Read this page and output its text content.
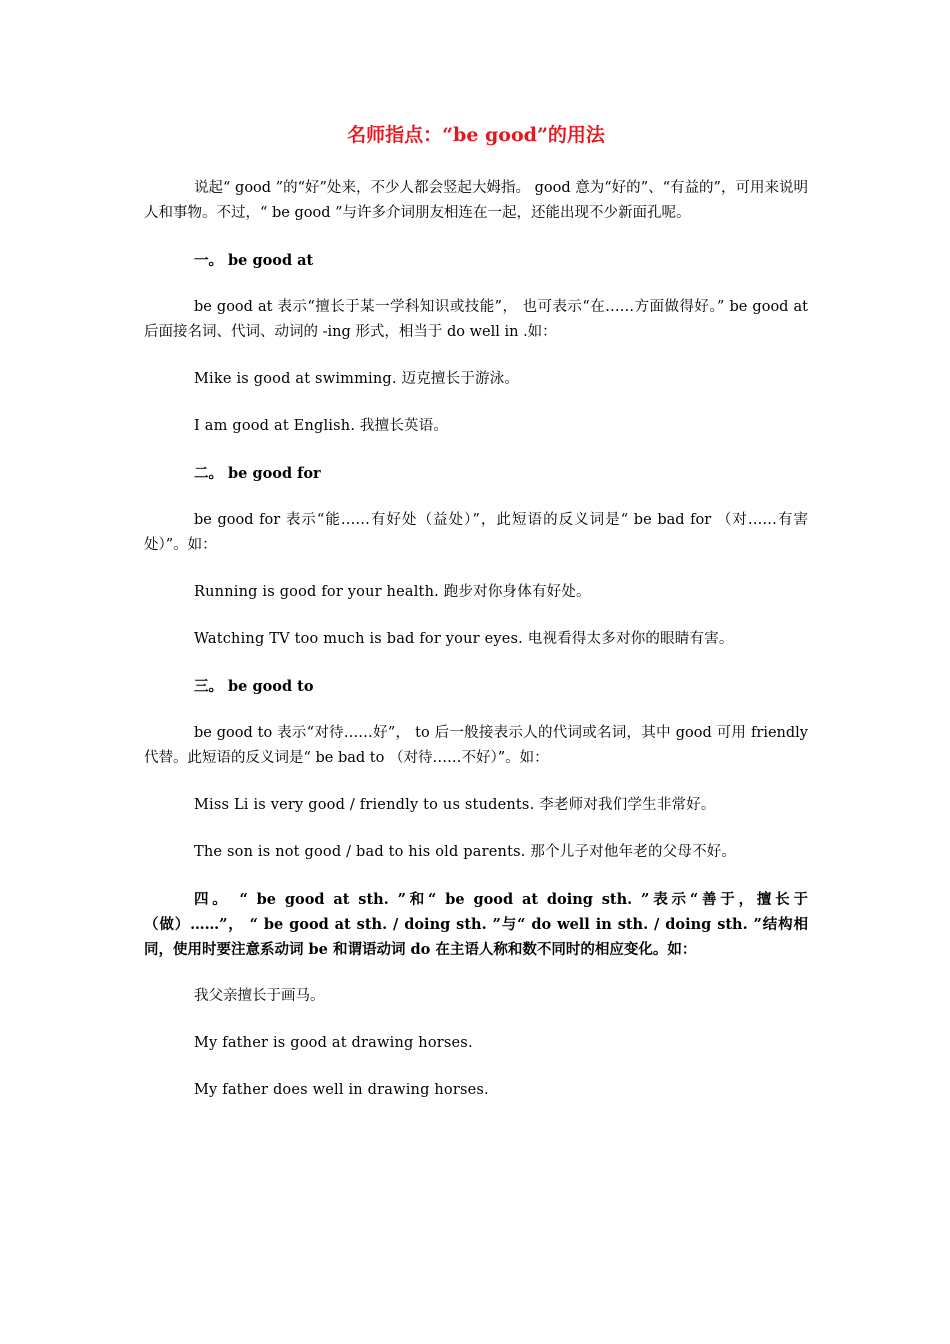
名师指点：“be good”的用法

说起“ good ”的“好”处来，不少人都会竖起大姆指。 good 意为“好的”、“有益的”，可用来说明人和事物。不过，“ be good ”与许多介词朋友相连在一起，还能出现不少新面孔呢。

一。 be good at

be good at 表示“擅长于某一学科知识或技能”， 也可表示“在……方面做得好。” be good at 后面接名词、代词、动词的 -ing 形式，相当于 do well in .如：

Mike is good at swimming. 迈克擅长于游泳。

I am good at English. 我擅长英语。

二。 be good for

be good for 表示“能……有好处（益处）”，此短语的反义词是“ be bad for （对……有害处）”。如：

Running is good for your health. 跑步对你身体有好处。

Watching TV too much is bad for your eyes. 电视看得太多对你的眼睛有害。

三。 be good to

be good to 表示“对待……好”， to 后一般接表示人的代词或名词，其中 good 可用 friendly 代替。此短语的反义词是“ be bad to （对待……不好）”。如：

Miss Li is very good / friendly to us students. 李老师对我们学生非常好。

The son is not good / bad to his old parents. 那个儿子对他年老的父母不好。

四。 “ be good at sth. ”和“ be good at doing sth. ”表示“善于，擅长于（做）……”， “ be good at sth. / doing sth. ”与“ do well in sth. / doing sth. ”结构相同，使用时要注意系动词 be 和谓语动词 do 在主语人称和数不同时的相应变化。如：

我父亲擅长于画马。

My father is good at drawing horses.

My father does well in drawing horses.
